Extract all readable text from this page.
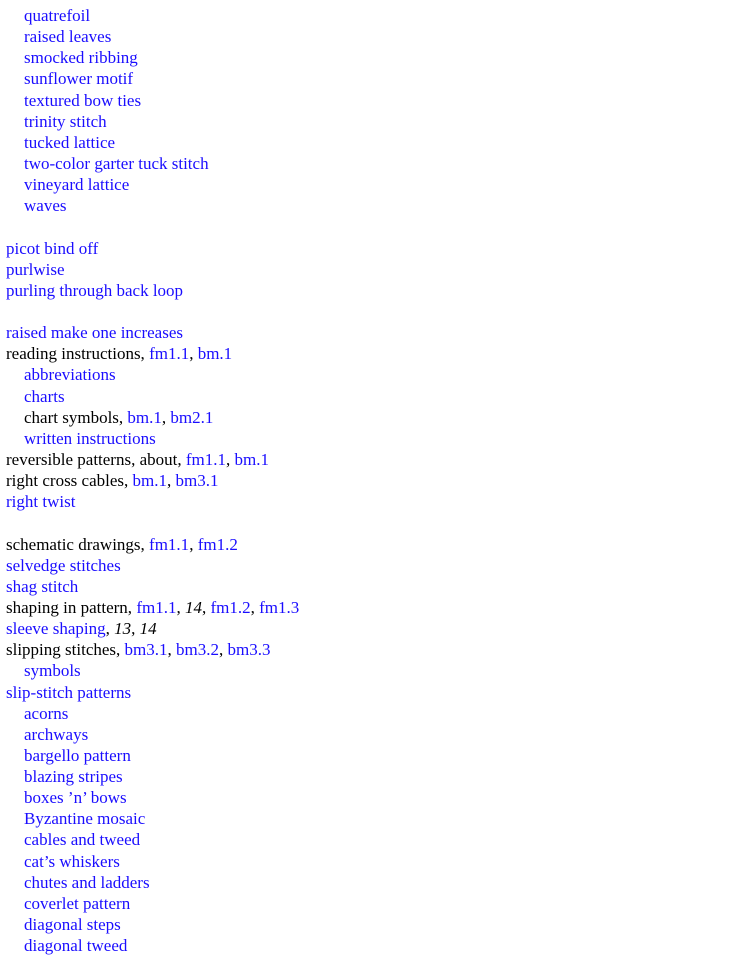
quatrefoil
raised leaves
smocked ribbing
sunflower motif
textured bow ties
trinity stitch
tucked lattice
two-color garter tuck stitch
vineyard lattice
waves
picot bind off
purlwise
purling through back loop
raised make one increases
reading instructions, fm1.1, bm.1
abbreviations
charts
chart symbols, bm.1, bm2.1
written instructions
reversible patterns, about, fm1.1, bm.1
right cross cables, bm.1, bm3.1
right twist
schematic drawings, fm1.1, fm1.2
selvedge stitches
shag stitch
shaping in pattern, fm1.1, 14, fm1.2, fm1.3
sleeve shaping, 13, 14
slipping stitches, bm3.1, bm3.2, bm3.3
symbols
slip-stitch patterns
acorns
archways
bargello pattern
blazing stripes
boxes ’n’ bows
Byzantine mosaic
cables and tweed
cat’s whiskers
chutes and ladders
coverlet pattern
diagonal steps
diagonal tweed
